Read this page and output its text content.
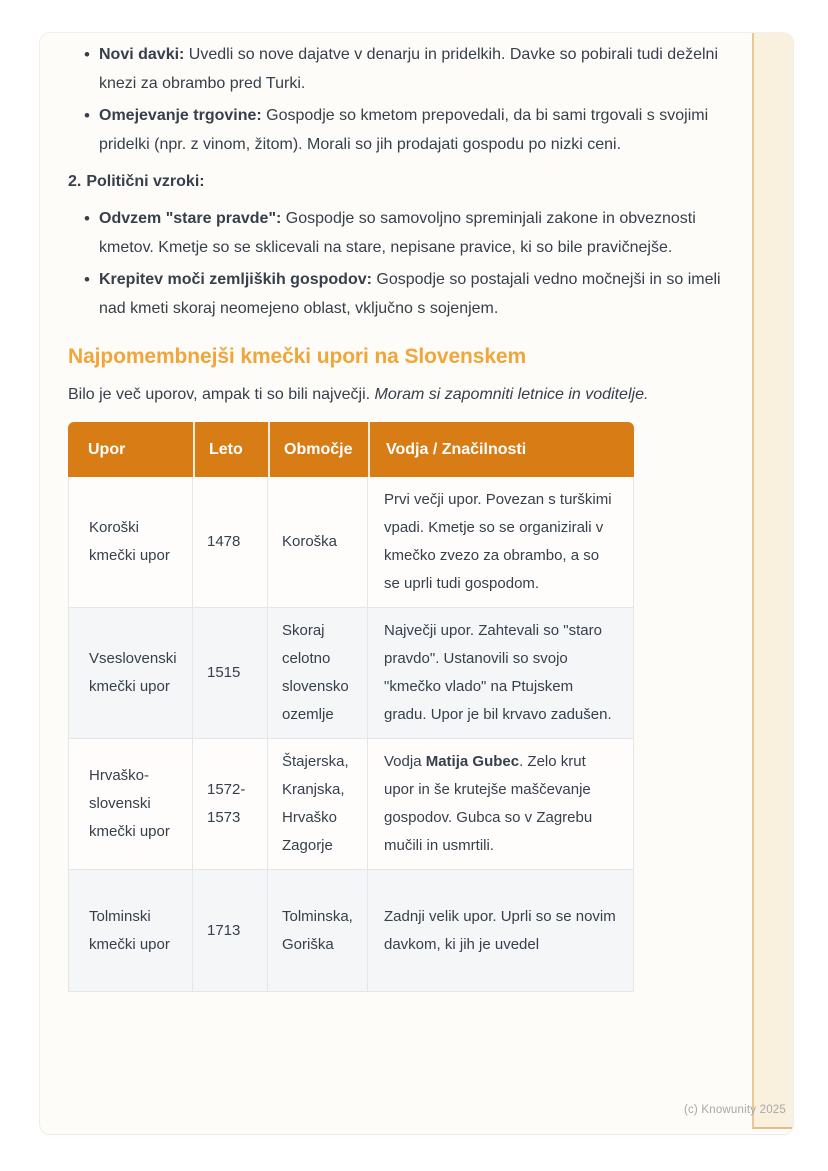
• Novi davki: Uvedli so nove dajatve v denarju in pridelkih. Davke so pobirali tudi deželni knezi za obrambo pred Turki.
• Omejevanje trgovine: Gospodje so kmetom prepovedali, da bi sami trgovali s svojimi pridelki (npr. z vinom, žitom). Morali so jih prodajati gospodu po nizki ceni.
2. Politični vzroki:
• Odvzem "stare pravde": Gospodje so samovoljno spreminjali zakone in obveznosti kmetov. Kmetje so se sklicevali na stare, nepisane pravice, ki so bile pravičnejše.
• Krepitev moči zemljiških gospodov: Gospodje so postajali vedno močnejši in so imeli nad kmeti skoraj neomejeno oblast, vključno s sojenjem.
Najpomembnejši kmečki upori na Slovenskem

Bilo je več uporov, ampak ti so bili največji. Moram si zapomniti letnice in voditelje.

Upor	Leto	Območje	Vodja / Značilnosti
Koroški kmečki upor	1478	Koroška	Prvi večji upor. Povezan s turškimi vpadi. Kmetje so se organizirali v kmečko zvezo za obrambo, a so se uprli tudi gospodom.
Vseslovenski kmečki upor	1515	Skoraj celotno slovensko ozemlje	Največji upor. Zahtevali so "staro pravdo". Ustanovili so svojo "kmečko vlado" na Ptujskem gradu. Upor je bil krvavo zadušen.
Hrvaško-slovenski kmečki upor	1572-1573	Štajerska, Kranjska, Hrvaško Zagorje	Vodja Matija Gubec. Zelo krut upor in še krutejše maščevanje gospodov. Gubca so v Zagrebu mučili in usmrtili.
Tolminski kmečki upor	1713	Tolminska, Goriška	Zadnji velik upor. Uprli so se novim davkom, ki jih je uvedel
(c) Knowunity 2025
